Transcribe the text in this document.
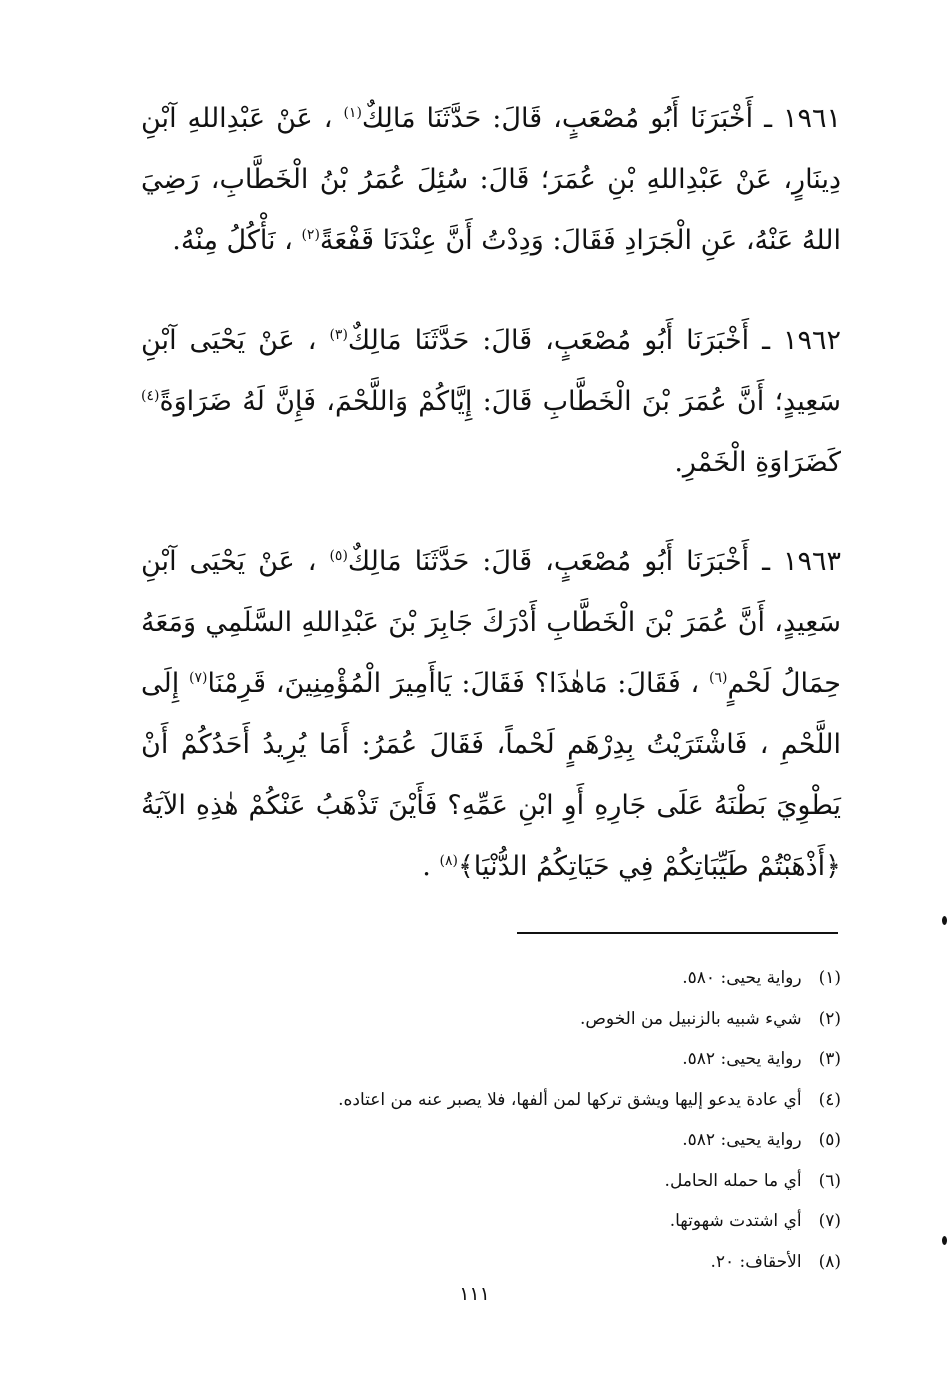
١٩٦١ ـ أَخْبَرَنَا أَبُو مُصْعَبٍ، قَالَ: حَدَّثَنَا مَالِكٌ$^{(١)}$ ، عَنْ عَبْدِاللهِ آبْنِ دِينَارٍ، عَنْ عَبْدِاللهِ بْنِ عُمَرَ؛ قَالَ: سُئِلَ عُمَرُ بْنُ الْخَطَّابِ، رَضِيَ اللهُ عَنْهُ، عَنِ الْجَرَادِ فَقَالَ: وَدِدْتُ أَنَّ عِنْدَنَا قَفْعَةً$^{(٢)}$ ، نَأْكُلُ مِنْهُ.

١٩٦٢ ـ أَخْبَرَنَا أَبُو مُصْعَبٍ، قَالَ: حَدَّثَنَا مَالِكٌ$^{(٣)}$ ، عَنْ يَحْيَى آبْنِ سَعِيدٍ؛ أَنَّ عُمَرَ بْنَ الْخَطَّابِ قَالَ: إِيَّاكُمْ وَاللَّحْمَ، فَإِنَّ لَهُ ضَرَاوَةً$^{(٤)}$ كَضَرَاوَةِ الْخَمْرِ.

١٩٦٣ ـ أَخْبَرَنَا أَبُو مُصْعَبٍ، قَالَ: حَدَّثَنَا مَالِكٌ$^{(٥)}$ ، عَنْ يَحْيَى آبْنِ سَعِيدٍ، أَنَّ عُمَرَ بْنَ الْخَطَّابِ أَدْرَكَ جَابِرَ بْنَ عَبْدِاللهِ السَّلَمِي وَمَعَهُ حِمَالُ لَحْمٍ$^{(٦)}$ ، فَقَالَ: مَاهٰذَا؟ فَقَالَ: يَاأَمِيرَ الْمُؤْمِنِينَ، قَرِمْنَا$^{(٧)}$ إِلَى اللَّحْمِ ، فَاشْتَرَيْتُ بِدِرْهَمٍ لَحْماً، فَقَالَ عُمَرُ: أَمَا يُرِيدُ أَحَدُكُمْ أَنْ يَطْوِيَ بَطْنَهُ عَلَى جَارِهِ أَوِ ابْنِ عَمِّهِ؟ فَأَيْنَ تَذْهَبُ عَنْكُمْ هٰذِهِ الآيَةُ ﴿أَذْهَبْتُمْ طَيِّبَاتِكُمْ فِي حَيَاتِكُمُ الدُّنْيَا﴾$^{(٨)}$ .

(١) رواية يحيى: ٥٨٠.
(٢) شيء شبيه بالزنبيل من الخوص.
(٣) رواية يحيى: ٥٨٢.
(٤) أي عادة يدعو إليها ويشق تركها لمن ألفها، فلا يصبر عنه من اعتاده.
(٥) رواية يحيى: ٥٨٢.
(٦) أي ما حمله الحامل.
(٧) أي اشتدت شهوتها.
(٨) الأحقاف: ٢٠.
١١١
